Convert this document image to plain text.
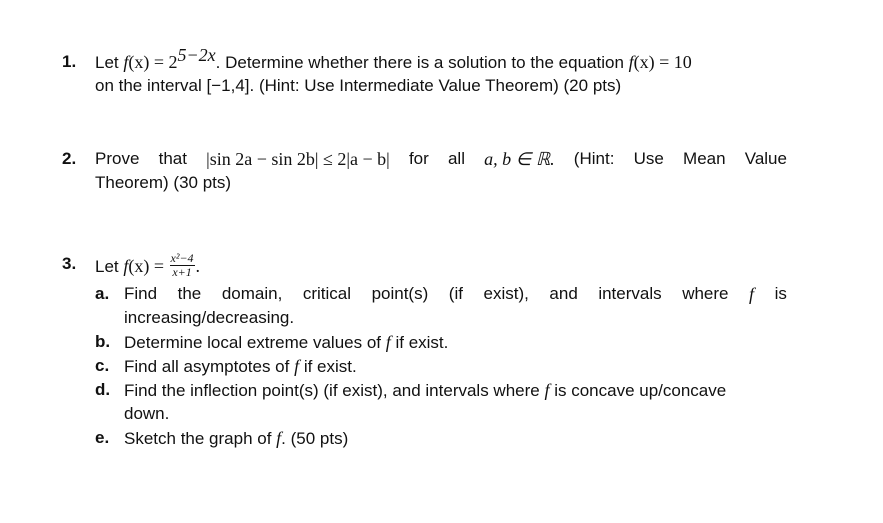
1. Let $f(x) = 2^{5-2x}$. Determine whether there is a solution to the equation f(x) = 10
on the interval [−1,4]. (Hint: Use Intermediate Value Theorem) (20 pts)
2. Prove that |sin 2a − sin 2b| ≤ 2|a − b| for all a, b ∈ ℝ. (Hint: Use Mean Value
Theorem) (30 pts)
3. Let $f(x) = \frac{\text{x²−4}}{x+1}$ .
a. Find the domain, critical point(s) (if exist), and intervals where f is
increasing/decreasing.
b. Determine local extreme values of f if exist.
c. Find all asymptotes of f if exist.
d. Find the inflection point(s) (if exist), and intervals where f is concave up/concave
down.
e. Sketch the graph of f. (50 pts)
